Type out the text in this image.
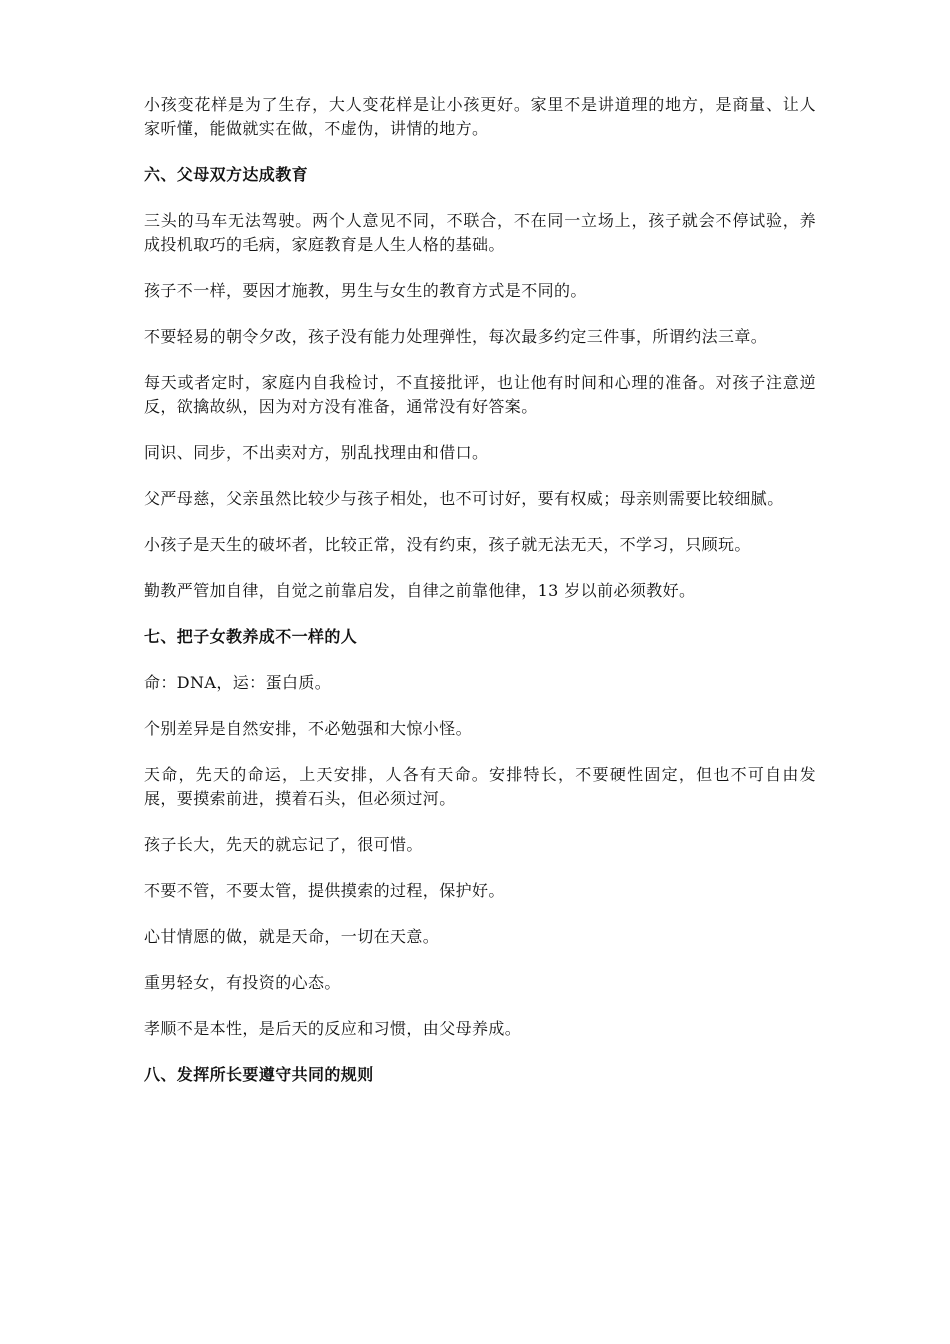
小孩变花样是为了生存，大人变花样是让小孩更好。家里不是讲道理的地方，是商量、让人家听懂，能做就实在做，不虚伪，讲情的地方。

六、父母双方达成教育

三头的马车无法驾驶。两个人意见不同，不联合，不在同一立场上，孩子就会不停试验，养成投机取巧的毛病，家庭教育是人生人格的基础。

孩子不一样，要因才施教，男生与女生的教育方式是不同的。

不要轻易的朝令夕改，孩子没有能力处理弹性，每次最多约定三件事，所谓约法三章。

每天或者定时，家庭内自我检讨，不直接批评，也让他有时间和心理的准备。对孩子注意逆反，欲擒故纵，因为对方没有准备，通常没有好答案。

同识、同步，不出卖对方，别乱找理由和借口。

父严母慈，父亲虽然比较少与孩子相处，也不可讨好，要有权威；母亲则需要比较细腻。

小孩子是天生的破坏者，比较正常，没有约束，孩子就无法无天，不学习，只顾玩。

勤教严管加自律，自觉之前靠启发，自律之前靠他律，13 岁以前必须教好。

七、把子女教养成不一样的人

命：DNA，运：蛋白质。

个别差异是自然安排，不必勉强和大惊小怪。

天命，先天的命运，上天安排，人各有天命。安排特长，不要硬性固定，但也不可自由发展，要摸索前进，摸着石头，但必须过河。

孩子长大，先天的就忘记了，很可惜。

不要不管，不要太管，提供摸索的过程，保护好。

心甘情愿的做，就是天命，一切在天意。

重男轻女，有投资的心态。

孝顺不是本性，是后天的反应和习惯，由父母养成。

八、发挥所长要遵守共同的规则
